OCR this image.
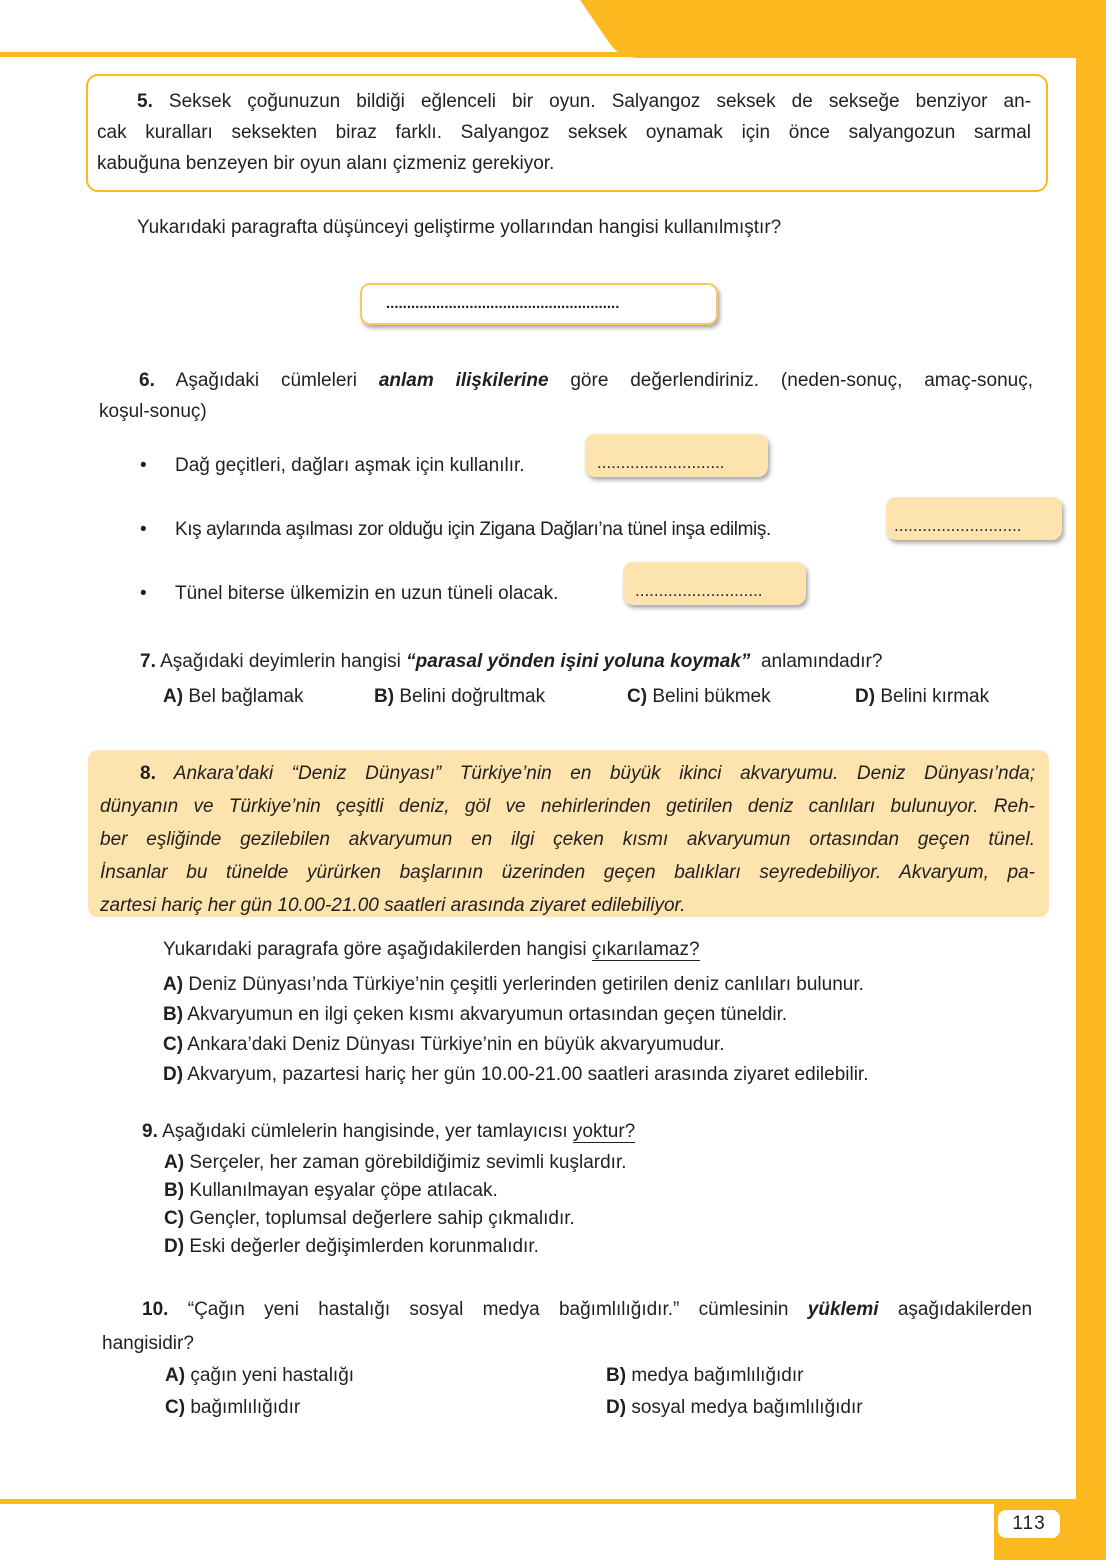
113
5. Seksek çoğunuzun bildiği eğlenceli bir oyun. Salyangoz seksek de sekseğe benziyor an-
cak kuralları seksekten biraz farklı. Salyangoz seksek oynamak için önce salyangozun sarmal
kabuğuna benzeyen bir oyun alanı çizmeniz gerekiyor.
Yukarıdaki paragrafta düşünceyi geliştirme yollarından hangisi kullanılmıştır?
........................................................
6. Aşağıdaki cümleleri anlam ilişkilerine göre değerlendiriniz. (neden-sonuç, amaç-sonuç,
koşul-sonuç)
• Dağ geçitleri, dağları aşmak için kullanılır.	...........................
• Kış aylarında aşılması zor olduğu için Zigana Dağları’na tünel inşa edilmiş.	...........................
• Tünel biterse ülkemizin en uzun tüneli olacak.	...........................
7. Aşağıdaki deyimlerin hangisi “parasal yönden işini yoluna koymak” anlamındadır?
A) Bel bağlamak	B) Belini doğrultmak	C) Belini bükmek	D) Belini kırmak
8. Ankara’daki “Deniz Dünyası” Türkiye’nin en büyük ikinci akvaryumu. Deniz Dünyası’nda;
dünyanın ve Türkiye’nin çeşitli deniz, göl ve nehirlerinden getirilen deniz canlıları bulunuyor. Reh-
ber eşliğinde gezilebilen akvaryumun en ilgi çeken kısmı akvaryumun ortasından geçen tünel.
İnsanlar bu tünelde yürürken başlarının üzerinden geçen balıkları seyredebiliyor. Akvaryum, pa-
zartesi hariç her gün 10.00-21.00 saatleri arasında ziyaret edilebiliyor.
Yukarıdaki paragrafa göre aşağıdakilerden hangisi çıkarılamaz?
A) Deniz Dünyası’nda Türkiye’nin çeşitli yerlerinden getirilen deniz canlıları bulunur.
B) Akvaryumun en ilgi çeken kısmı akvaryumun ortasından geçen tüneldir.
C) Ankara’daki Deniz Dünyası Türkiye’nin en büyük akvaryumudur.
D) Akvaryum, pazartesi hariç her gün 10.00-21.00 saatleri arasında ziyaret edilebilir.
9. Aşağıdaki cümlelerin hangisinde, yer tamlayıcısı yoktur?
A) Serçeler, her zaman görebildiğimiz sevimli kuşlardır.
B) Kullanılmayan eşyalar çöpe atılacak.
C) Gençler, toplumsal değerlere sahip çıkmalıdır.
D) Eski değerler değişimlerden korunmalıdır.
10. “Çağın yeni hastalığı sosyal medya bağımlılığıdır.” cümlesinin yüklemi aşağıdakilerden
hangisidir?
A) çağın yeni hastalığı	B) medya bağımlılığıdır
C) bağımlılığıdır	D) sosyal medya bağımlılığıdır
